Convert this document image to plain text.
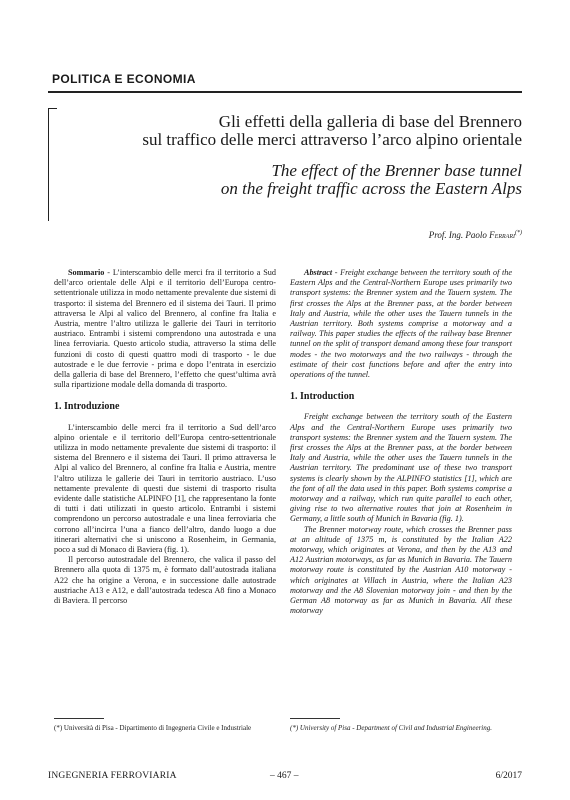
POLITICA E ECONOMIA
Gli effetti della galleria di base del Brennero
sul traffico delle merci attraverso l’arco alpino orientale
The effect of the Brenner base tunnel
on the freight traffic across the Eastern Alps
Prof. Ing. Paolo Ferrari(*)

Sommario - L’interscambio delle merci fra il territorio a Sud dell’arco orientale delle Alpi e il territorio dell’Europa centro-settentrionale utilizza in modo nettamente prevalente due sistemi di trasporto: il sistema del Brennero ed il sistema dei Tauri. Il primo attraversa le Alpi al valico del Brennero, al confine fra Italia e Austria, mentre l’altro utilizza le gallerie dei Tauri in territorio austriaco. Entrambi i sistemi comprendono una autostrada e una linea ferroviaria. Questo articolo studia, attraverso la stima delle funzioni di costo di questi quattro modi di trasporto - le due autostrade e le due ferrovie - prima e dopo l’entrata in esercizio della galleria di base del Brennero, l’effetto che quest’ultima avrà sulla ripartizione modale della domanda di trasporto.

1. Introduzione

L’interscambio delle merci fra il territorio a Sud dell’arco alpino orientale e il territorio dell’Europa centro-settentrionale utilizza in modo nettamente prevalente due sistemi di trasporto: il sistema del Brennero e il sistema dei Tauri. Il primo attraversa le Alpi al valico del Brennero, al confine fra Italia e Austria, mentre l’altro utilizza le gallerie dei Tauri in territorio austriaco. L’uso nettamente prevalente di questi due sistemi di trasporto risulta evidente dalle statistiche ALPINFO [1], che rappresentano la fonte di tutti i dati utilizzati in questo articolo. Entrambi i sistemi comprendono un percorso autostradale e una linea ferroviaria che corrono all’incirca l’una a fianco dell’altro, dando luogo a due itinerari alternativi che si uniscono a Rosenheim, in Germania, poco a sud di Monaco di Baviera (fig. 1).

Il percorso autostradale del Brennero, che valica il passo del Brennero alla quota di 1375 m, è formato dall’autostrada italiana A22 che ha origine a Verona, e in successione dalle autostrade austriache A13 e A12, e dall’autostrada tedesca A8 fino a Monaco di Baviera. Il percorso

Abstract - Freight exchange between the territory south of the Eastern Alps and the Central-Northern Europe uses primarily two transport systems: the Brenner system and the Tauern system. The first crosses the Alps at the Brenner pass, at the border between Italy and Austria, while the other uses the Tauern tunnels in the Austrian territory. Both systems comprise a motorway and a railway. This paper studies the effects of the railway base Brenner tunnel on the split of transport demand among these four transport modes - the two motorways and the two railways - through the estimate of their cost functions before and after the entry into operations of the tunnel.

1. Introduction

Freight exchange between the territory south of the Eastern Alps and the Central-Northern Europe uses primarily two transport systems: the Brenner system and the Tauern system. The first crosses the Alps at the Brenner pass, at the border between Italy and Austria, while the other uses the Tauern tunnels in the Austrian territory. The predominant use of these two transport systems is clearly shown by the ALPINFO statistics [1], which are the font of all the data used in this paper. Both systems comprise a motorway and a railway, which run quite parallel to each other, giving rise to two alternative routes that join at Rosenheim in Germany, a little south of Munich in Bavaria (fig. 1).

The Brenner motorway route, which crosses the Brenner pass at an altitude of 1375 m, is constituted by the Italian A22 motorway, which originates at Verona, and then by the A13 and A12 Austrian motorways, as far as Munich in Bavaria. The Tauern motorway route is constituted by the Austrian A10 motorway - which originates at Villach in Austria, where the Italian A23 motorway and the A8 Slovenian motorway join - and then by the German A8 motorway as far as Munich in Bavaria. All these motorway

(*) Università di Pisa - Dipartimento di Ingegneria Civile e Industriale	(*) University of Pisa - Department of Civil and Industrial Engineering.
INGEGNERIA FERROVIARIA	– 467 –	6/2017
